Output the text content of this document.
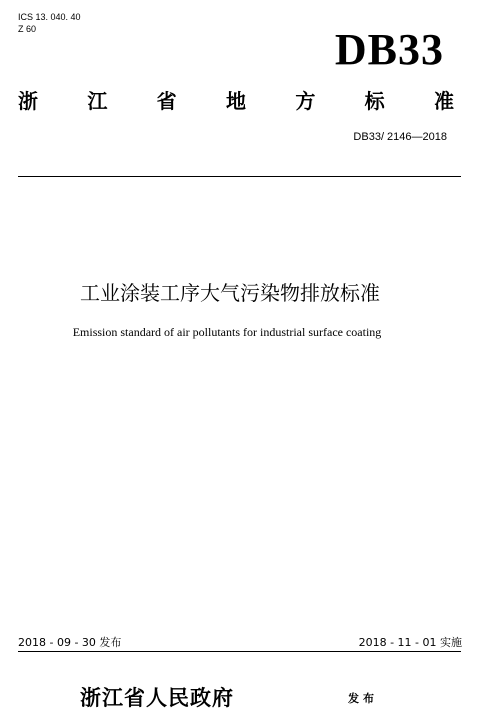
ICS 13. 040. 40
Z 60	DB33
浙 江 省 地 方 标 准
DB33/ 2146—2018
工业涂装工序大气污染物排放标准
Emission standard of air pollutants for industrial surface coating
2018 - 09 - 30 发布	2018 - 11 - 01 实施
浙江省人民政府	发布
